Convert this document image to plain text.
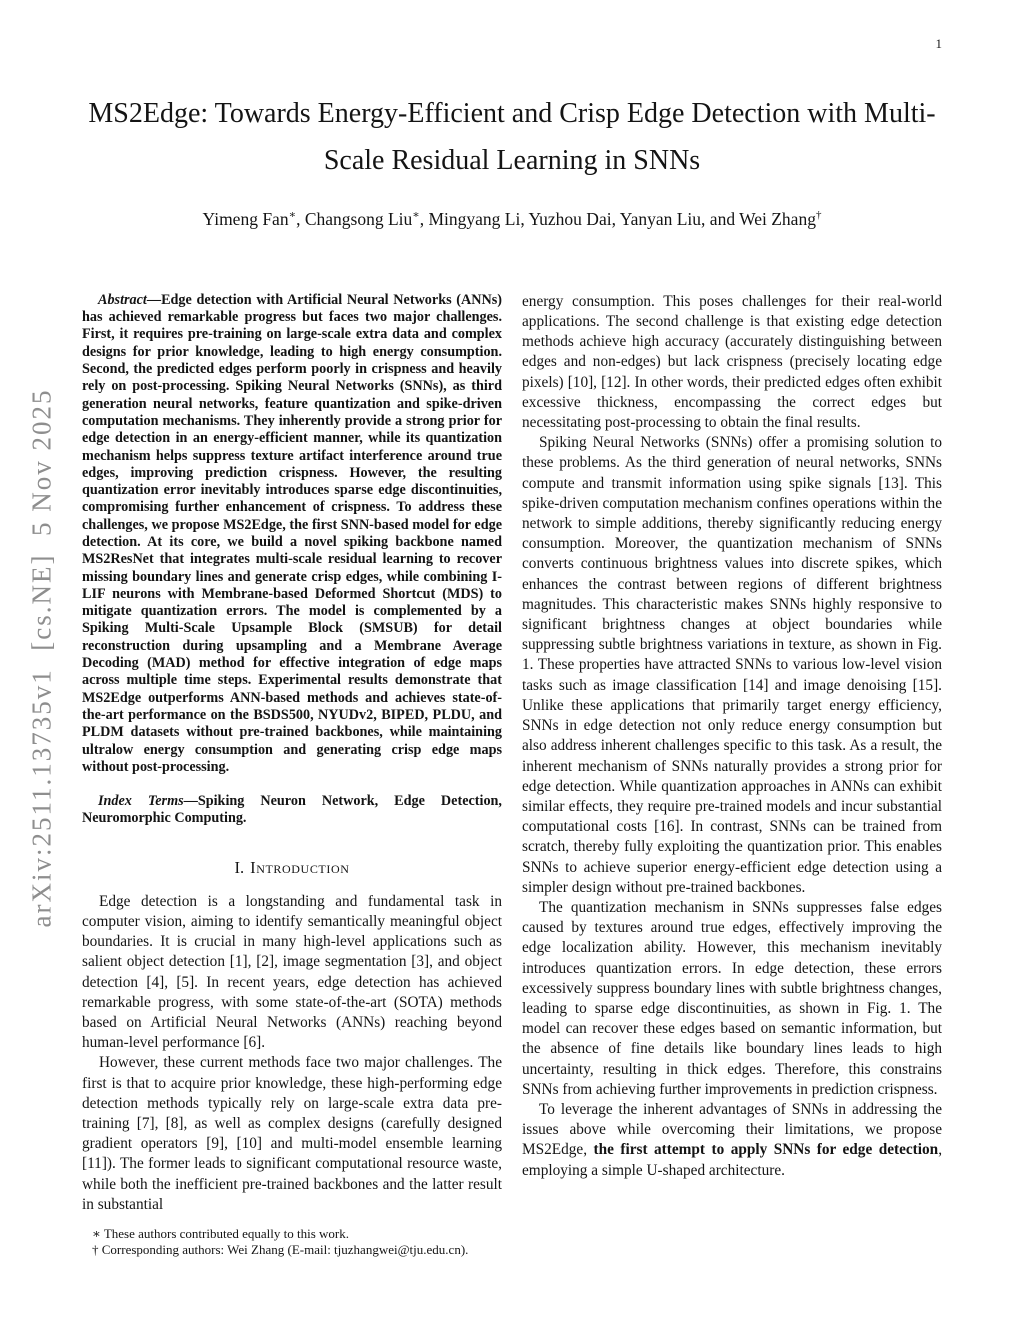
1
arXiv:2511.13735v1  [cs.NE]  5 Nov 2025
MS2Edge: Towards Energy-Efficient and Crisp Edge Detection with Multi-Scale Residual Learning in SNNs
Yimeng Fan∗, Changsong Liu∗, Mingyang Li, Yuzhou Dai, Yanyan Liu, and Wei Zhang†

Abstract—Edge detection with Artificial Neural Networks (ANNs) has achieved remarkable progress but faces two major challenges. First, it requires pre-training on large-scale extra data and complex designs for prior knowledge, leading to high energy consumption. Second, the predicted edges perform poorly in crispness and heavily rely on post-processing. Spiking Neural Networks (SNNs), as third generation neural networks, feature quantization and spike-driven computation mechanisms. They inherently provide a strong prior for edge detection in an energy-efficient manner, while its quantization mechanism helps suppress texture artifact interference around true edges, improving prediction crispness. However, the resulting quantization error inevitably introduces sparse edge discontinuities, compromising further enhancement of crispness. To address these challenges, we propose MS2Edge, the first SNN-based model for edge detection. At its core, we build a novel spiking backbone named MS2ResNet that integrates multi-scale residual learning to recover missing boundary lines and generate crisp edges, while combining I-LIF neurons with Membrane-based Deformed Shortcut (MDS) to mitigate quantization errors. The model is complemented by a Spiking Multi-Scale Upsample Block (SMSUB) for detail reconstruction during upsampling and a Membrane Average Decoding (MAD) method for effective integration of edge maps across multiple time steps. Experimental results demonstrate that MS2Edge outperforms ANN-based methods and achieves state-of-the-art performance on the BSDS500, NYUDv2, BIPED, PLDU, and PLDM datasets without pre-trained backbones, while maintaining ultralow energy consumption and generating crisp edge maps without post-processing.

Index Terms—Spiking Neuron Network, Edge Detection, Neuromorphic Computing.

I. Introduction

Edge detection is a longstanding and fundamental task in computer vision, aiming to identify semantically meaningful object boundaries. It is crucial in many high-level applications such as salient object detection [1], [2], image segmentation [3], and object detection [4], [5]. In recent years, edge detection has achieved remarkable progress, with some state-of-the-art (SOTA) methods based on Artificial Neural Networks (ANNs) reaching beyond human-level performance [6].

However, these current methods face two major challenges. The first is that to acquire prior knowledge, these high-performing edge detection methods typically rely on large-scale extra data pre-training [7], [8], as well as complex designs (carefully designed gradient operators [9], [10] and multi-model ensemble learning [11]). The former leads to significant computational resource waste, while both the inefficient pre-trained backbones and the latter result in substantial

∗ These authors contributed equally to this work.
† Corresponding authors: Wei Zhang (E-mail: tjuzhangwei@tju.edu.cn).

energy consumption. This poses challenges for their real-world applications. The second challenge is that existing edge detection methods achieve high accuracy (accurately distinguishing between edges and non-edges) but lack crispness (precisely locating edge pixels) [10], [12]. In other words, their predicted edges often exhibit excessive thickness, encompassing the correct edges but necessitating post-processing to obtain the final results.

Spiking Neural Networks (SNNs) offer a promising solution to these problems. As the third generation of neural networks, SNNs compute and transmit information using spike signals [13]. This spike-driven computation mechanism confines operations within the network to simple additions, thereby significantly reducing energy consumption. Moreover, the quantization mechanism of SNNs converts continuous brightness values into discrete spikes, which enhances the contrast between regions of different brightness magnitudes. This characteristic makes SNNs highly responsive to significant brightness changes at object boundaries while suppressing subtle brightness variations in texture, as shown in Fig. 1. These properties have attracted SNNs to various low-level vision tasks such as image classification [14] and image denoising [15]. Unlike these applications that primarily target energy efficiency, SNNs in edge detection not only reduce energy consumption but also address inherent challenges specific to this task. As a result, the inherent mechanism of SNNs naturally provides a strong prior for edge detection. While quantization approaches in ANNs can exhibit similar effects, they require pre-trained models and incur substantial computational costs [16]. In contrast, SNNs can be trained from scratch, thereby fully exploiting the quantization prior. This enables SNNs to achieve superior energy-efficient edge detection using a simpler design without pre-trained backbones.

The quantization mechanism in SNNs suppresses false edges caused by textures around true edges, effectively improving the edge localization ability. However, this mechanism inevitably introduces quantization errors. In edge detection, these errors excessively suppress boundary lines with subtle brightness changes, leading to sparse edge discontinuities, as shown in Fig. 1. The model can recover these edges based on semantic information, but the absence of fine details like boundary lines leads to high uncertainty, resulting in thick edges. Therefore, this constrains SNNs from achieving further improvements in prediction crispness.

To leverage the inherent advantages of SNNs in addressing the issues above while overcoming their limitations, we propose MS2Edge, the first attempt to apply SNNs for edge detection, employing a simple U-shaped architecture.
